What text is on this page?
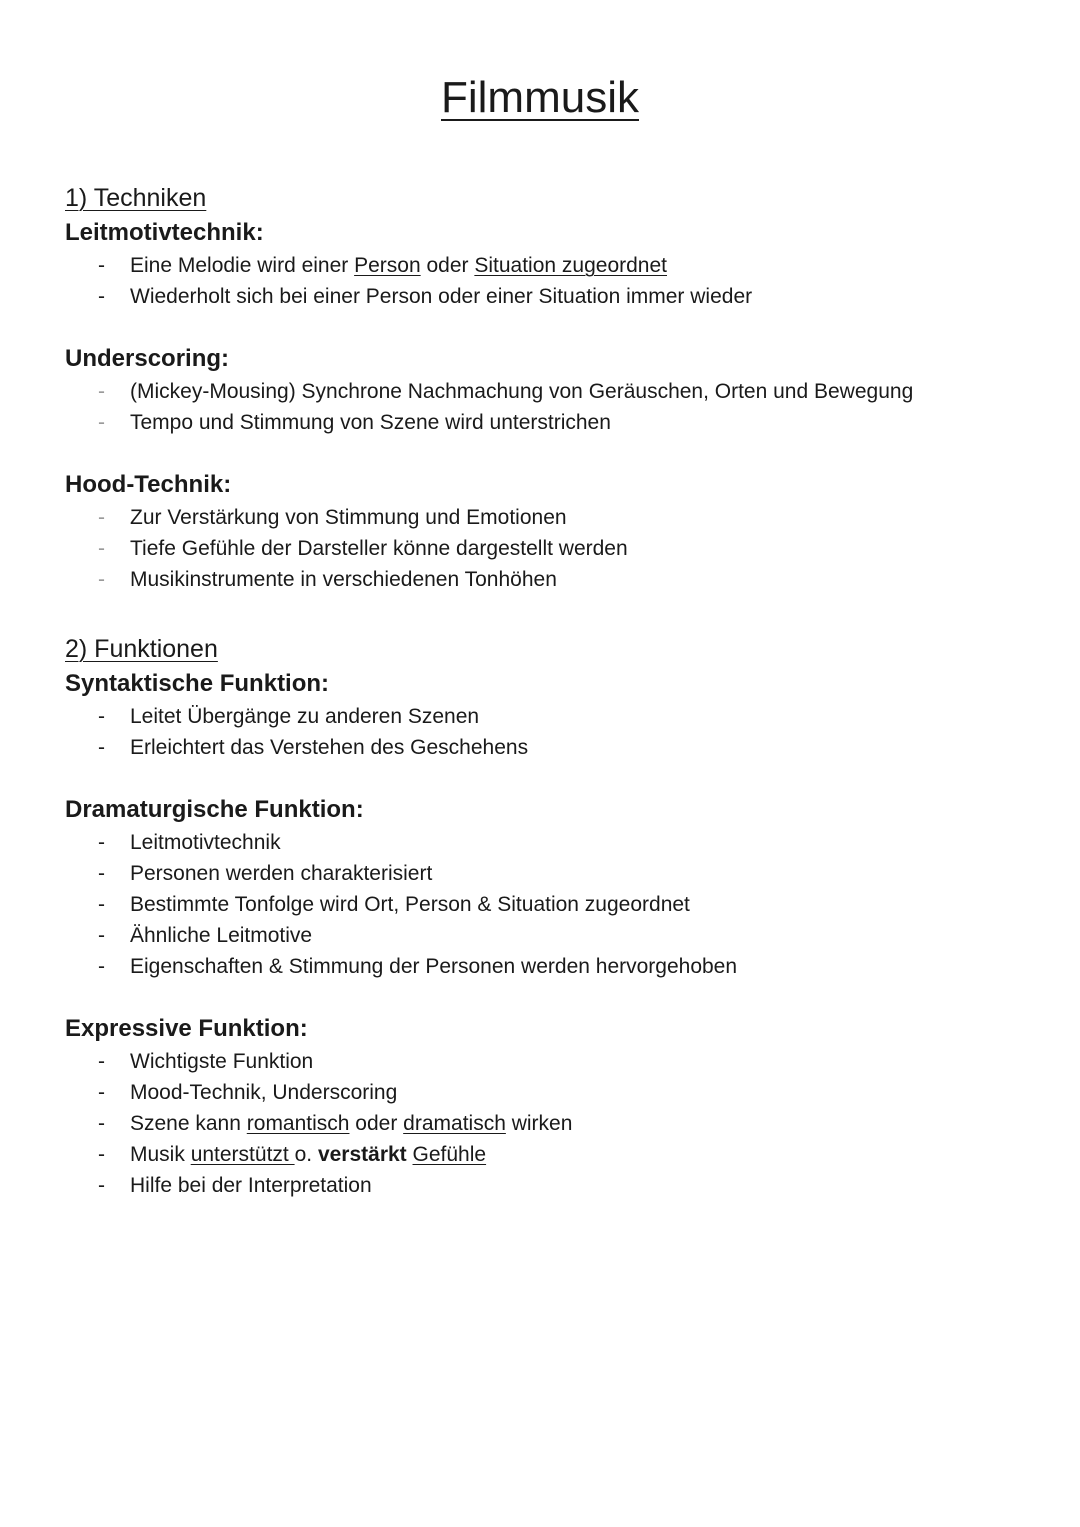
Filmmusik
1) Techniken
Leitmotivtechnik:
- Eine Melodie wird einer Person oder Situation zugeordnet
- Wiederholt sich bei einer Person oder einer Situation immer wieder
Underscoring:
- (Mickey-Mousing) Synchrone Nachmachung von Geräuschen, Orten und Bewegung
- Tempo und Stimmung von Szene wird unterstrichen
Hood-Technik:
- Zur Verstärkung von Stimmung und Emotionen
- Tiefe Gefühle der Darsteller könne dargestellt werden
- Musikinstrumente in verschiedenen Tonhöhen
2) Funktionen
Syntaktische Funktion:
- Leitet Übergänge zu anderen Szenen
- Erleichtert das Verstehen des Geschehens
Dramaturgische Funktion:
- Leitmotivtechnik
- Personen werden charakterisiert
- Bestimmte Tonfolge wird Ort, Person & Situation zugeordnet
- Ähnliche Leitmotive
- Eigenschaften & Stimmung der Personen werden hervorgehoben
Expressive Funktion:
- Wichtigste Funktion
- Mood-Technik, Underscoring
- Szene kann romantisch oder dramatisch wirken
- Musik unterstützt o. verstärkt Gefühle
- Hilfe bei der Interpretation
